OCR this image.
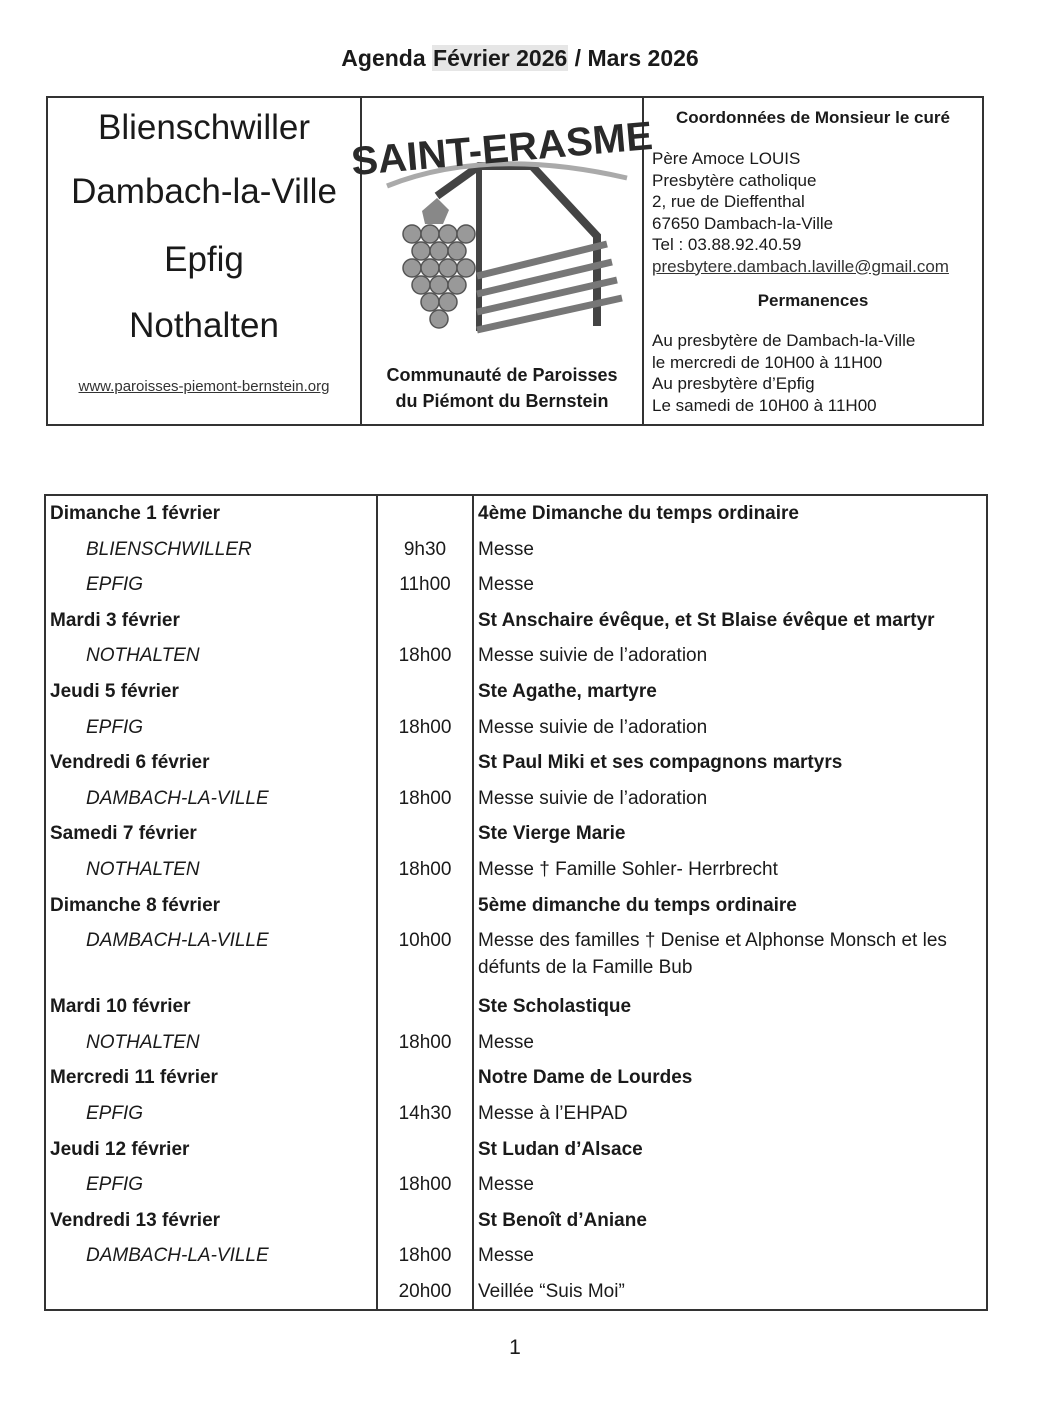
Agenda Février 2026 / Mars 2026
Blienschwiller
Dambach-la-Ville
Epfig
Nothalten
www.paroisses-piemont-bernstein.org
SAINT-ERASME
Communauté de Paroisses
du Piémont du Bernstein
Coordonnées de Monsieur le curé
Père Amoce LOUIS
Presbytère catholique
2, rue de Dieffenthal
67650 Dambach-la-Ville
Tel : 03.88.92.40.59
presbytere.dambach.laville@gmail.com
Permanences
Au presbytère de Dambach-la-Ville
le mercredi de 10H00 à 11H00
Au presbytère d’Epfig
Le samedi de 10H00 à 11H00
Dimanche 1 février		4ème Dimanche du temps ordinaire
BLIENSCHWILLER	9h30	Messe
EPFIG	11h00	Messe
Mardi 3 février		St Anschaire évêque, et St Blaise évêque et martyr
NOTHALTEN	18h00	Messe suivie de l’adoration
Jeudi 5 février		Ste Agathe, martyre
EPFIG	18h00	Messe suivie de l’adoration
Vendredi 6 février		St Paul Miki et ses compagnons martyrs
DAMBACH-LA-VILLE	18h00	Messe suivie de l’adoration
Samedi 7 février		Ste Vierge Marie
NOTHALTEN	18h00	Messe † Famille Sohler- Herrbrecht
Dimanche 8 février		5ème dimanche du temps ordinaire
DAMBACH-LA-VILLE	10h00	Messe des familles † Denise et Alphonse Monsch et les défunts de la Famille Bub
Mardi 10 février		Ste Scholastique
NOTHALTEN	18h00	Messe
Mercredi 11 février		Notre Dame de Lourdes
EPFIG	14h30	Messe à l’EHPAD
Jeudi 12 février		St Ludan d’Alsace
EPFIG	18h00	Messe
Vendredi 13 février		St Benoît d’Aniane
DAMBACH-LA-VILLE	18h00	Messe
	20h00	Veillée “Suis Moi”
1
